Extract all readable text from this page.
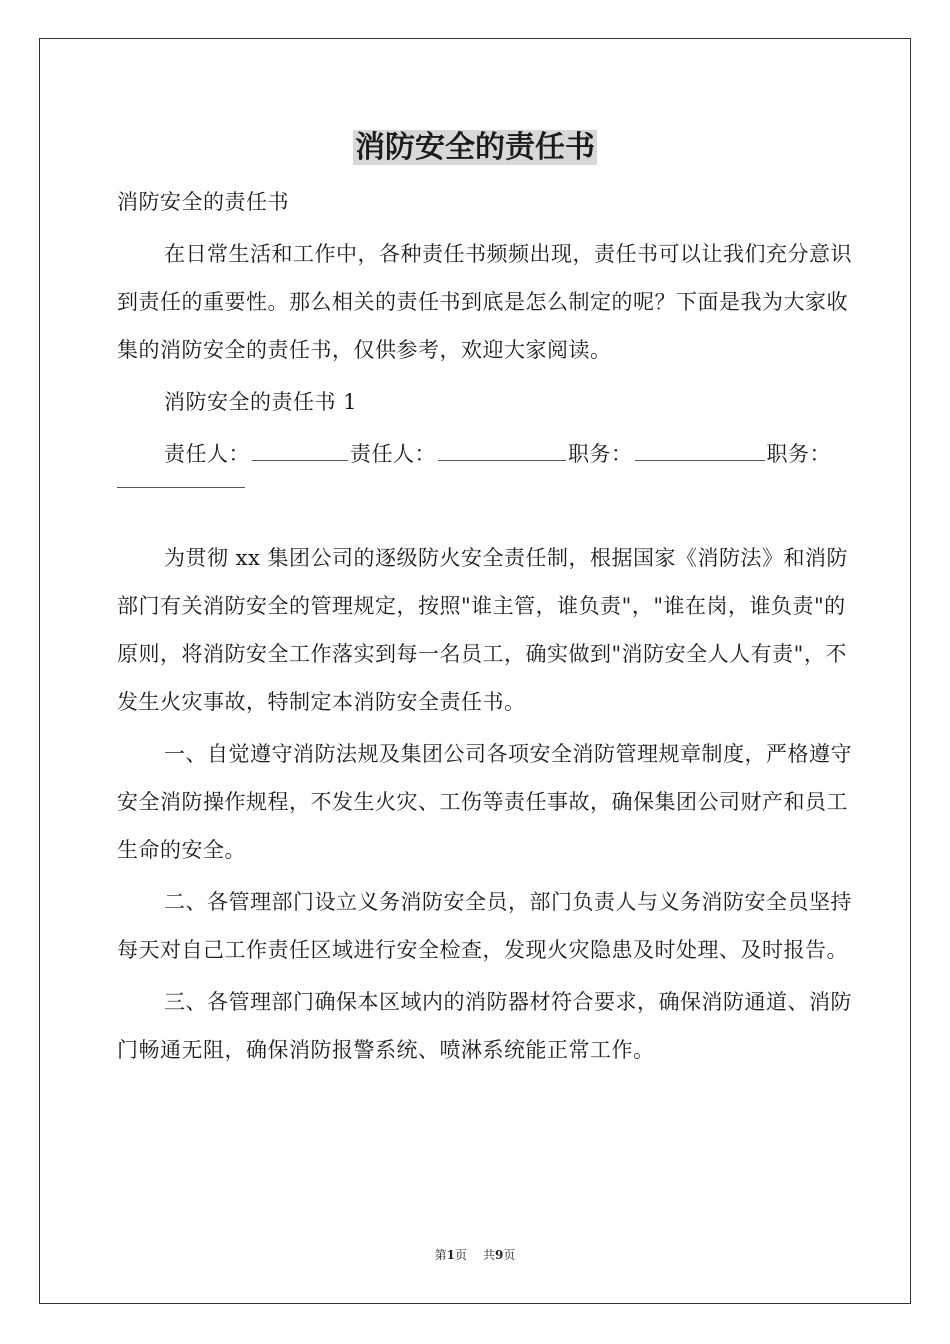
消防安全的责任书

消防安全的责任书

在日常生活和工作中，各种责任书频频出现，责任书可以让我们充分意识到责任的重要性。那么相关的责任书到底是怎么制定的呢？下面是我为大家收集的消防安全的责任书，仅供参考，欢迎大家阅读。

消防安全的责任书 1

责任人：	责任人：	职务：	职务：

为贯彻 xx 集团公司的逐级防火安全责任制，根据国家《消防法》和消防部门有关消防安全的管理规定，按照"谁主管，谁负责"，"谁在岗，谁负责"的原则，将消防安全工作落实到每一名员工，确实做到"消防安全人人有责"，不发生火灾事故，特制定本消防安全责任书。

一、自觉遵守消防法规及集团公司各项安全消防管理规章制度，严格遵守安全消防操作规程，不发生火灾、工伤等责任事故，确保集团公司财产和员工生命的安全。

二、各管理部门设立义务消防安全员，部门负责人与义务消防安全员坚持每天对自己工作责任区域进行安全检查，发现火灾隐患及时处理、及时报告。

三、各管理部门确保本区域内的消防器材符合要求，确保消防通道、消防门畅通无阻，确保消防报警系统、喷淋系统能正常工作。

第1页 共9页
